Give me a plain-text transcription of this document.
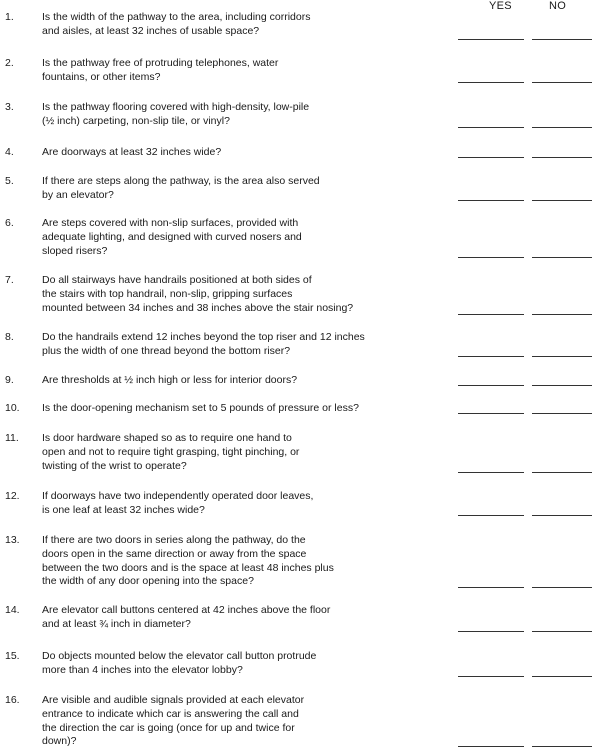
YES	NO
1.	Is the width of the pathway to the area, including corridors
and aisles, at least 32 inches of usable space?
2.	Is the pathway free of protruding telephones, water
fountains, or other items?
3.	Is the pathway flooring covered with high-density, low-pile
(½ inch) carpeting, non-slip tile, or vinyl?
4.	Are doorways at least 32 inches wide?
5.	If there are steps along the pathway, is the area also served
by an elevator?
6.	Are steps covered with non-slip surfaces, provided with
adequate lighting, and designed with curved nosers and
sloped risers?
7.	Do all stairways have handrails positioned at both sides of
the stairs with top handrail, non-slip, gripping surfaces
mounted between 34 inches and 38 inches above the stair nosing?
8.	Do the handrails extend 12 inches beyond the top riser and 12 inches
plus the width of one thread beyond the bottom riser?
9.	Are thresholds at ½ inch high or less for interior doors?
10. Is the door-opening mechanism set to 5 pounds of pressure or less?
11. Is door hardware shaped so as to require one hand to
open and not to require tight grasping, tight pinching, or
twisting of the wrist to operate?
12. If doorways have two independently operated door leaves,
is one leaf at least 32 inches wide?
13. If there are two doors in series along the pathway, do the
doors open in the same direction or away from the space
between the two doors and is the space at least 48 inches plus
the width of any door opening into the space?
14. Are elevator call buttons centered at 42 inches above the floor
and at least ¾ inch in diameter?
15. Do objects mounted below the elevator call button protrude
more than 4 inches into the elevator lobby?
16. Are visible and audible signals provided at each elevator
entrance to indicate which car is answering the call and
the direction the car is going (once for up and twice for
down)?
